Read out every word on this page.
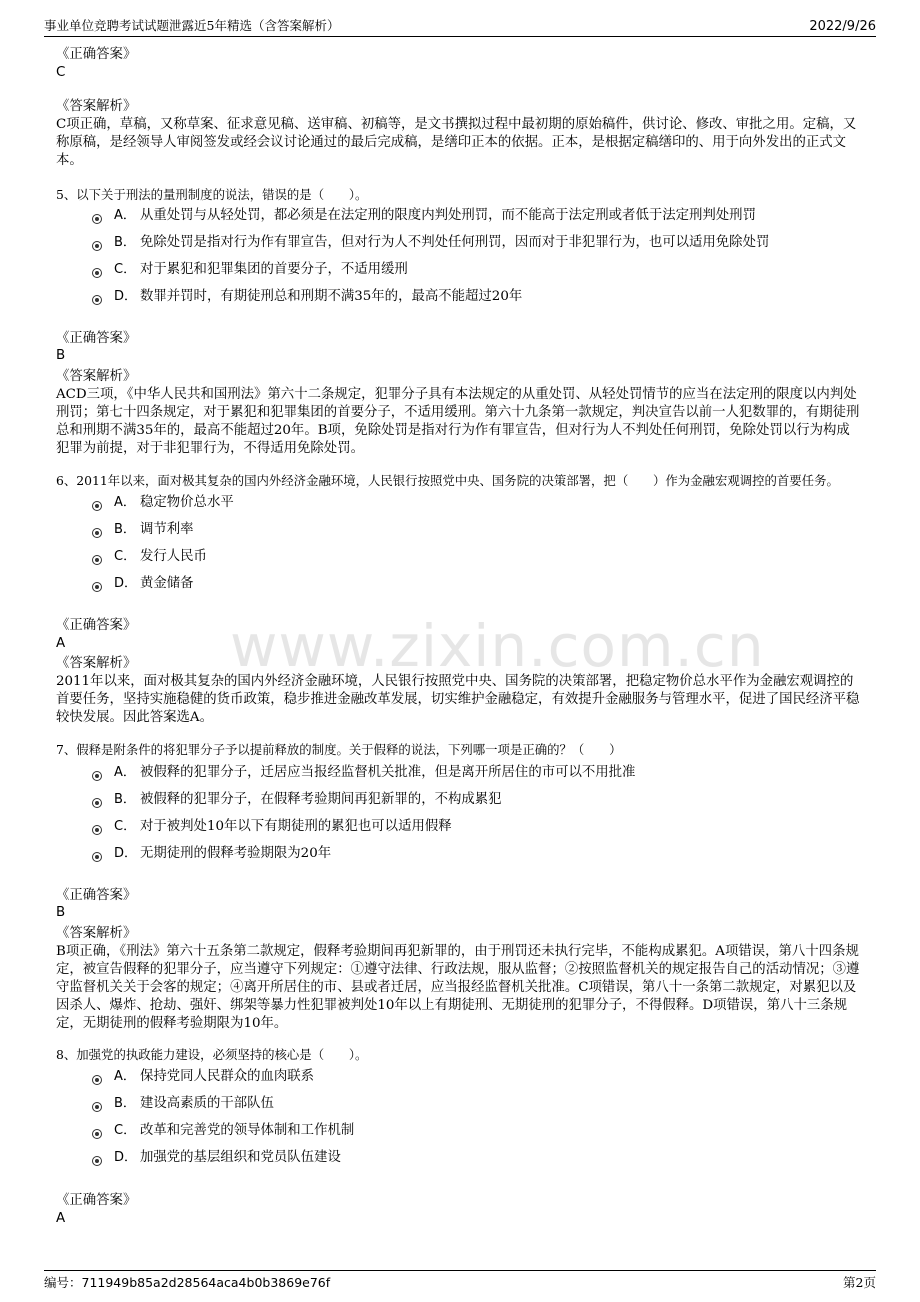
事业单位竞聘考试试题泄露近5年精选（含答案解析）	2022/9/26
www.zixin.com.cn
《正确答案》
C
《答案解析》
C项正确，草稿，又称草案、征求意见稿、送审稿、初稿等，是文书撰拟过程中最初期的原始稿件，供讨论、修改、审批之用。定稿，又称原稿，是经领导人审阅签发或经会议讨论通过的最后完成稿，是缮印正本的依据。正本，是根据定稿缮印的、用于向外发出的正式文本。
5、以下关于刑法的量刑制度的说法，错误的是（　　）。
A． 从重处罚与从轻处罚，都必须是在法定刑的限度内判处刑罚，而不能高于法定刑或者低于法定刑判处刑罚
B． 免除处罚是指对行为作有罪宣告，但对行为人不判处任何刑罚，因而对于非犯罪行为，也可以适用免除处罚
C． 对于累犯和犯罪集团的首要分子，不适用缓刑
D． 数罪并罚时，有期徒刑总和刑期不满35年的，最高不能超过20年
《正确答案》
B
《答案解析》
ACD三项，《中华人民共和国刑法》第六十二条规定，犯罪分子具有本法规定的从重处罚、从轻处罚情节的应当在法定刑的限度以内判处刑罚；第七十四条规定，对于累犯和犯罪集团的首要分子，不适用缓刑。第六十九条第一款规定，判决宣告以前一人犯数罪的，有期徒刑总和刑期不满35年的，最高不能超过20年。B项，免除处罚是指对行为作有罪宣告，但对行为人不判处任何刑罚，免除处罚以行为构成犯罪为前提，对于非犯罪行为，不得适用免除处罚。
6、2011年以来，面对极其复杂的国内外经济金融环境，人民银行按照党中央、国务院的决策部署，把（　　）作为金融宏观调控的首要任务。
A． 稳定物价总水平
B． 调节利率
C． 发行人民币
D． 黄金储备
《正确答案》
A
《答案解析》
2011年以来，面对极其复杂的国内外经济金融环境，人民银行按照党中央、国务院的决策部署，把稳定物价总水平作为金融宏观调控的首要任务，坚持实施稳健的货币政策，稳步推进金融改革发展，切实维护金融稳定，有效提升金融服务与管理水平，促进了国民经济平稳较快发展。因此答案选A。
7、假释是附条件的将犯罪分子予以提前释放的制度。关于假释的说法，下列哪一项是正确的？（　　）
A． 被假释的犯罪分子，迁居应当报经监督机关批准，但是离开所居住的市可以不用批准
B． 被假释的犯罪分子，在假释考验期间再犯新罪的，不构成累犯
C． 对于被判处10年以下有期徒刑的累犯也可以适用假释
D． 无期徒刑的假释考验期限为20年
《正确答案》
B
《答案解析》
B项正确，《刑法》第六十五条第二款规定，假释考验期间再犯新罪的，由于刑罚还未执行完毕，不能构成累犯。A项错误，第八十四条规定，被宣告假释的犯罪分子，应当遵守下列规定：①遵守法律、行政法规，服从监督；②按照监督机关的规定报告自己的活动情况；③遵守监督机关关于会客的规定；④离开所居住的市、县或者迁居，应当报经监督机关批准。C项错误，第八十一条第二款规定，对累犯以及因杀人、爆炸、抢劫、强奸、绑架等暴力性犯罪被判处10年以上有期徒刑、无期徒刑的犯罪分子，不得假释。D项错误，第八十三条规定，无期徒刑的假释考验期限为10年。
8、加强党的执政能力建设，必须坚持的核心是（　　）。
A． 保持党同人民群众的血肉联系
B． 建设高素质的干部队伍
C． 改革和完善党的领导体制和工作机制
D． 加强党的基层组织和党员队伍建设
《正确答案》
A
编号：711949b85a2d28564aca4b0b3869e76f	第2页
